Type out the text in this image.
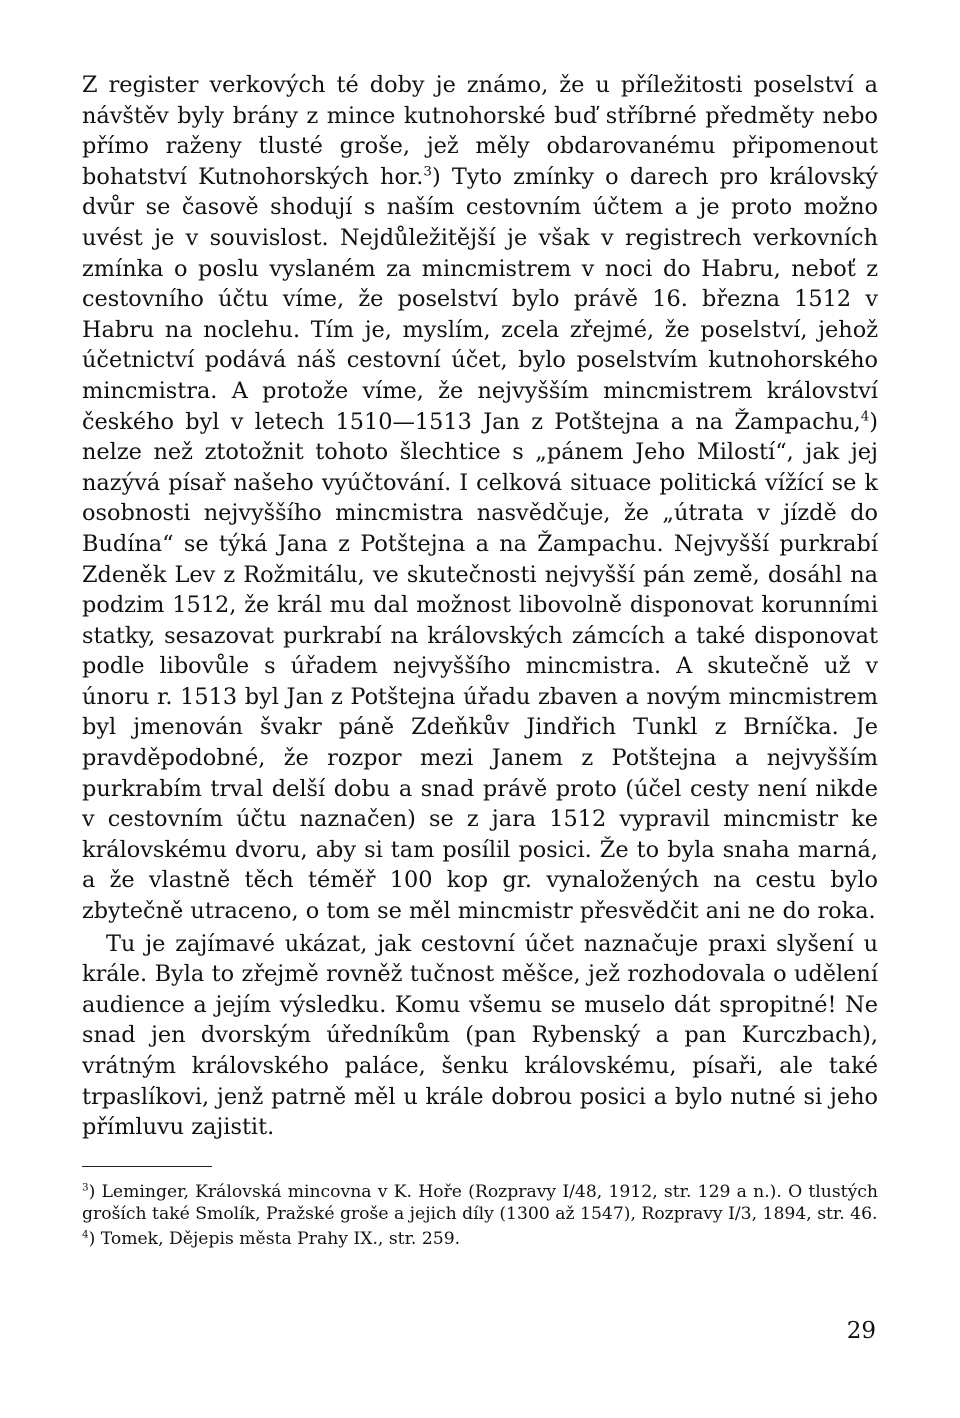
Z register verkových té doby je známo, že u příležitosti poselství a návštěv byly brány z mince kutnohorské buď stříbrné předměty nebo přímo raženy tlusté groše, jež měly obdarovanému připomenout bohatství Kutnohorských hor.$^3$) Tyto zmínky o darech pro královský dvůr se časově shodují s naším cestovním účtem a je proto možno uvést je v souvislost. Nejdůležitější je však v registrech verkovních zmínka o poslu vyslaném za mincmistrem v noci do Habru, neboť z cestovního účtu víme, že poselství bylo právě 16. března 1512 v Habru na noclehu. Tím je, myslím, zcela zřejmé, že poselství, jehož účetnictví podává náš cestovní účet, bylo poselstvím kutnohorského mincmistra. A protože víme, že nejvyšším mincmistrem království českého byl v letech 1510—1513 Jan z Potštejna a na Žampachu,$^4$) nelze než ztotožnit tohoto šlechtice s „pánem Jeho Milostí“, jak jej nazývá písař našeho vyúčtování. I celková situace politická vížící se k osobnosti nejvyššího mincmistra nasvědčuje, že „útrata v jízdě do Budína“ se týká Jana z Potštejna a na Žampachu. Nejvyšší purkrabí Zdeněk Lev z Rožmitálu, ve skutečnosti nejvyšší pán země, dosáhl na podzim 1512, že král mu dal možnost libovolně disponovat korunními statky, sesazovat purkrabí na královských zámcích a také disponovat podle libovůle s úřadem nejvyššího mincmistra. A skutečně už v únoru r. 1513 byl Jan z Potštejna úřadu zbaven a novým mincmistrem byl jmenován švakr páně Zdeňkův Jindřich Tunkl z Brníčka. Je pravděpodobné, že rozpor mezi Janem z Potštejna a nejvyšším purkrabím trval delší dobu a snad právě proto (účel cesty není nikde v cestovním účtu naznačen) se z jara 1512 vypravil mincmistr ke královskému dvoru, aby si tam posílil posici. Že to byla snaha marná, a že vlastně těch téměř 100 kop gr. vynaložených na cestu bylo zbytečně utraceno, o tom se měl mincmistr přesvědčit ani ne do roka.

Tu je zajímavé ukázat, jak cestovní účet naznačuje praxi slyšení u krále. Byla to zřejmě rovněž tučnost měšce, jež rozhodovala o udělení audience a jejím výsledku. Komu všemu se muselo dát spropitné! Ne snad jen dvorským úředníkům (pan Rybenský a pan Kurczbach), vrátným královského paláce, šenku královskému, písaři, ale také trpaslíkovi, jenž patrně měl u krále dobrou posici a bylo nutné si jeho přímluvu zajistit.

$^3$) Leminger, Královská mincovna v K. Hoře (Rozpravy I/48, 1912, str. 129 a n.). O tlustých groších také Smolík, Pražské groše a jejich díly (1300 až 1547), Rozpravy I/3, 1894, str. 46.

$^4$) Tomek, Dějepis města Prahy IX., str. 259.

29
